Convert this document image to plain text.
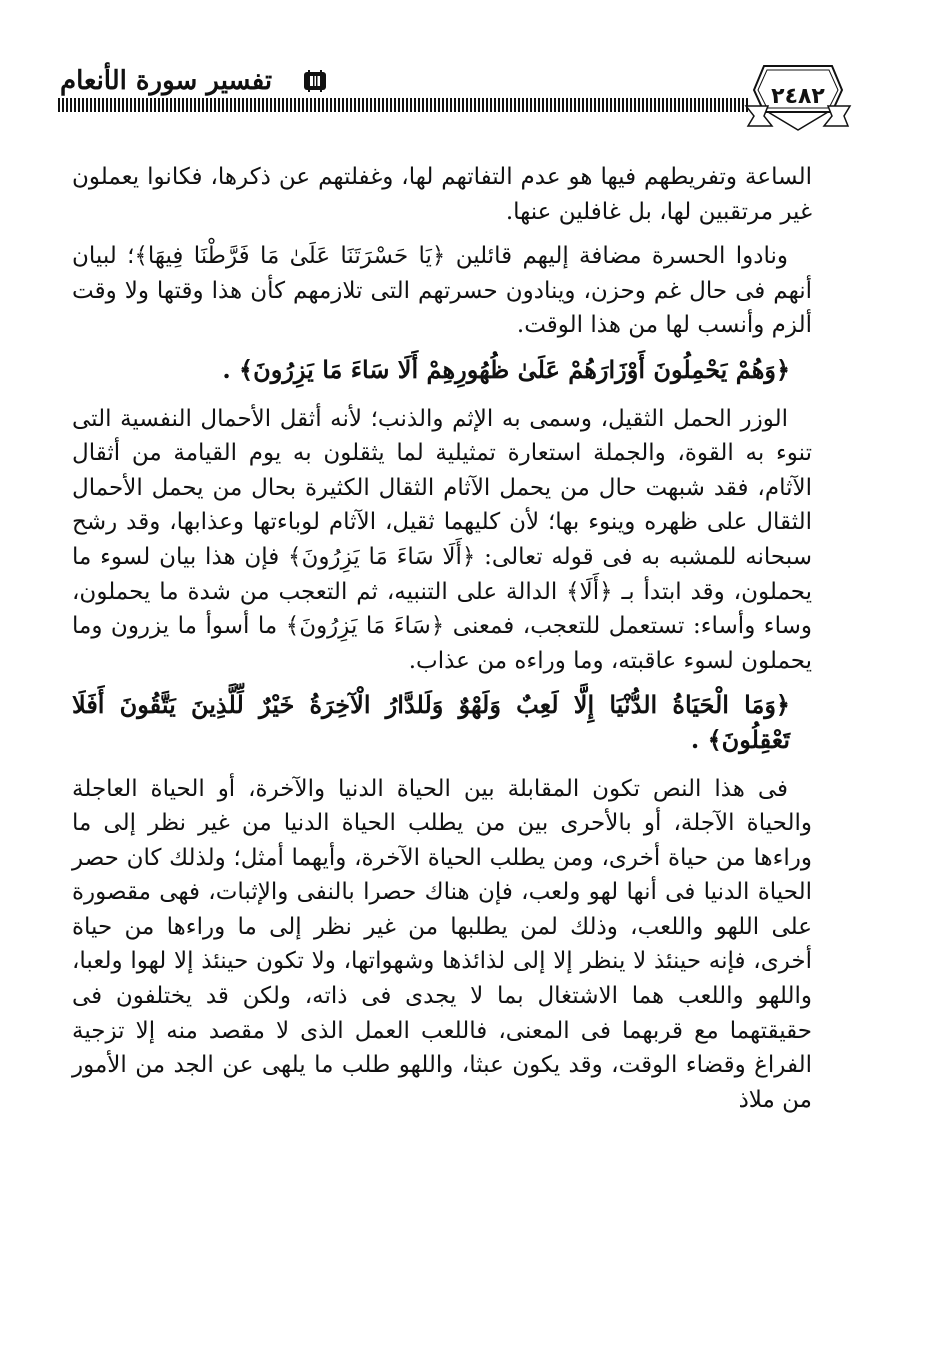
تفسير سورة الأنعام
٢٤٨٢

الساعة وتفريطهم فيها هو عدم التفاتهم لها، وغفلتهم عن ذكرها، فكانوا يعملون غير مرتقبين لها، بل غافلين عنها.

ونادوا الحسرة مضافة إليهم قائلين ﴿يَا حَسْرَتَنَا عَلَىٰ مَا فَرَّطْنَا فِيهَا﴾؛ لبيان أنهم فى حال غم وحزن، وينادون حسرتهم التى تلازمهم كأن هذا وقتها ولا وقت ألزم وأنسب لها من هذا الوقت.

﴿وَهُمْ يَحْمِلُونَ أَوْزَارَهُمْ عَلَىٰ ظُهُورِهِمْ أَلَا سَاءَ مَا يَزِرُونَ﴾ .

الوزر الحمل الثقيل، وسمى به الإثم والذنب؛ لأنه أثقل الأحمال النفسية التى تنوء به القوة، والجملة استعارة تمثيلية لما يثقلون به يوم القيامة من أثقال الآثام، فقد شبهت حال من يحمل الآثام الثقال الكثيرة بحال من يحمل الأحمال الثقال على ظهره وينوء بها؛ لأن كليهما ثقيل، الآثام لوباءتها وعذابها، وقد رشح سبحانه للمشبه به فى قوله تعالى: ﴿أَلَا سَاءَ مَا يَزِرُونَ﴾ فإن هذا بيان لسوء ما يحملون، وقد ابتدأ بـ ﴿أَلَا﴾ الدالة على التنبيه، ثم التعجب من شدة ما يحملون، وساء وأساء: تستعمل للتعجب، فمعنى ﴿سَاءَ مَا يَزِرُونَ﴾ ما أسوأ ما يزرون وما يحملون لسوء عاقبته، وما وراءه من عذاب.

﴿وَمَا الْحَيَاةُ الدُّنْيَا إِلَّا لَعِبٌ وَلَهْوٌ وَلَلدَّارُ الْآخِرَةُ خَيْرٌ لِّلَّذِينَ يَتَّقُونَ أَفَلَا تَعْقِلُونَ﴾ .

فى هذا النص تكون المقابلة بين الحياة الدنيا والآخرة، أو الحياة العاجلة والحياة الآجلة، أو بالأحرى بين من يطلب الحياة الدنيا من غير نظر إلى ما وراءها من حياة أخرى، ومن يطلب الحياة الآخرة، وأيهما أمثل؛ ولذلك كان حصر الحياة الدنيا فى أنها لهو ولعب، فإن هناك حصرا بالنفى والإثبات، فهى مقصورة على اللهو واللعب، وذلك لمن يطلبها من غير نظر إلى ما وراءها من حياة أخرى، فإنه حينئذ لا ينظر إلا إلى لذائذها وشهواتها، ولا تكون حينئذ إلا لهوا ولعبا، واللهو واللعب هما الاشتغال بما لا يجدى فى ذاته، ولكن قد يختلفون فى حقيقتهما مع قربهما فى المعنى، فاللعب العمل الذى لا مقصد منه إلا تزجية الفراغ وقضاء الوقت، وقد يكون عبثا، واللهو طلب ما يلهى عن الجد من الأمور من ملاذ
